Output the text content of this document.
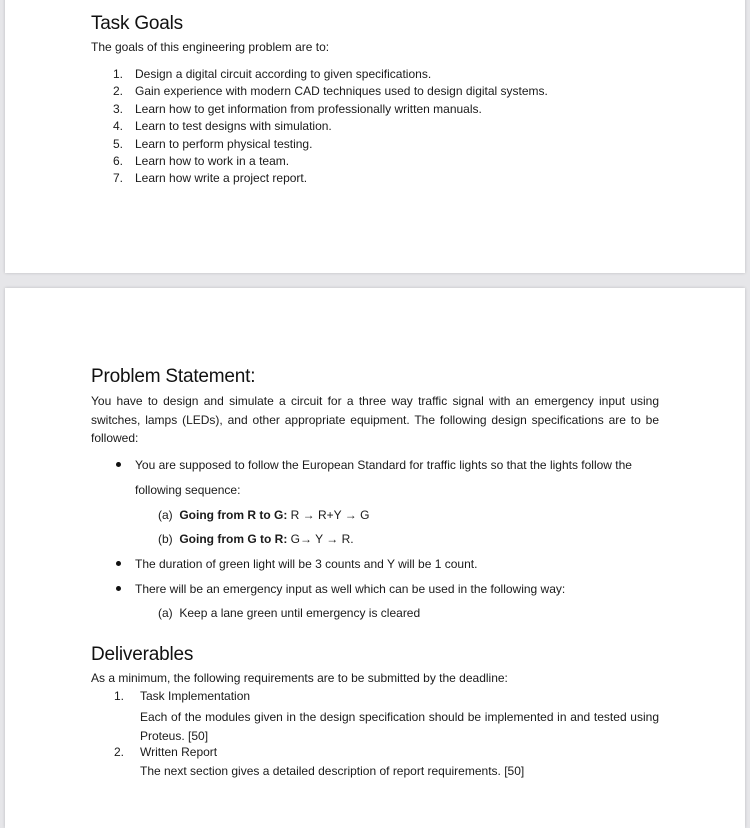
Task Goals
The goals of this engineering problem are to:
1. Design a digital circuit according to given specifications.
2. Gain experience with modern CAD techniques used to design digital systems.
3. Learn how to get information from professionally written manuals.
4. Learn to test designs with simulation.
5. Learn to perform physical testing.
6. Learn how to work in a team.
7. Learn how write a project report.
Problem Statement:
You have to design and simulate a circuit for a three way traffic signal with an emergency input using switches, lamps (LEDs), and other appropriate equipment. The following design specifications are to be followed:
You are supposed to follow the European Standard for traffic lights so that the lights follow the
following sequence:
(a) Going from R to G: R → R+Y → G
(b) Going from G to R: G→ Y → R.
The duration of green light will be 3 counts and Y will be 1 count.
There will be an emergency input as well which can be used in the following way:
(a) Keep a lane green until emergency is cleared
Deliverables
As a minimum, the following requirements are to be submitted by the deadline:
1. Task Implementation
Each of the modules given in the design specification should be implemented in and tested using Proteus. [50]
2. Written Report
The next section gives a detailed description of report requirements. [50]
